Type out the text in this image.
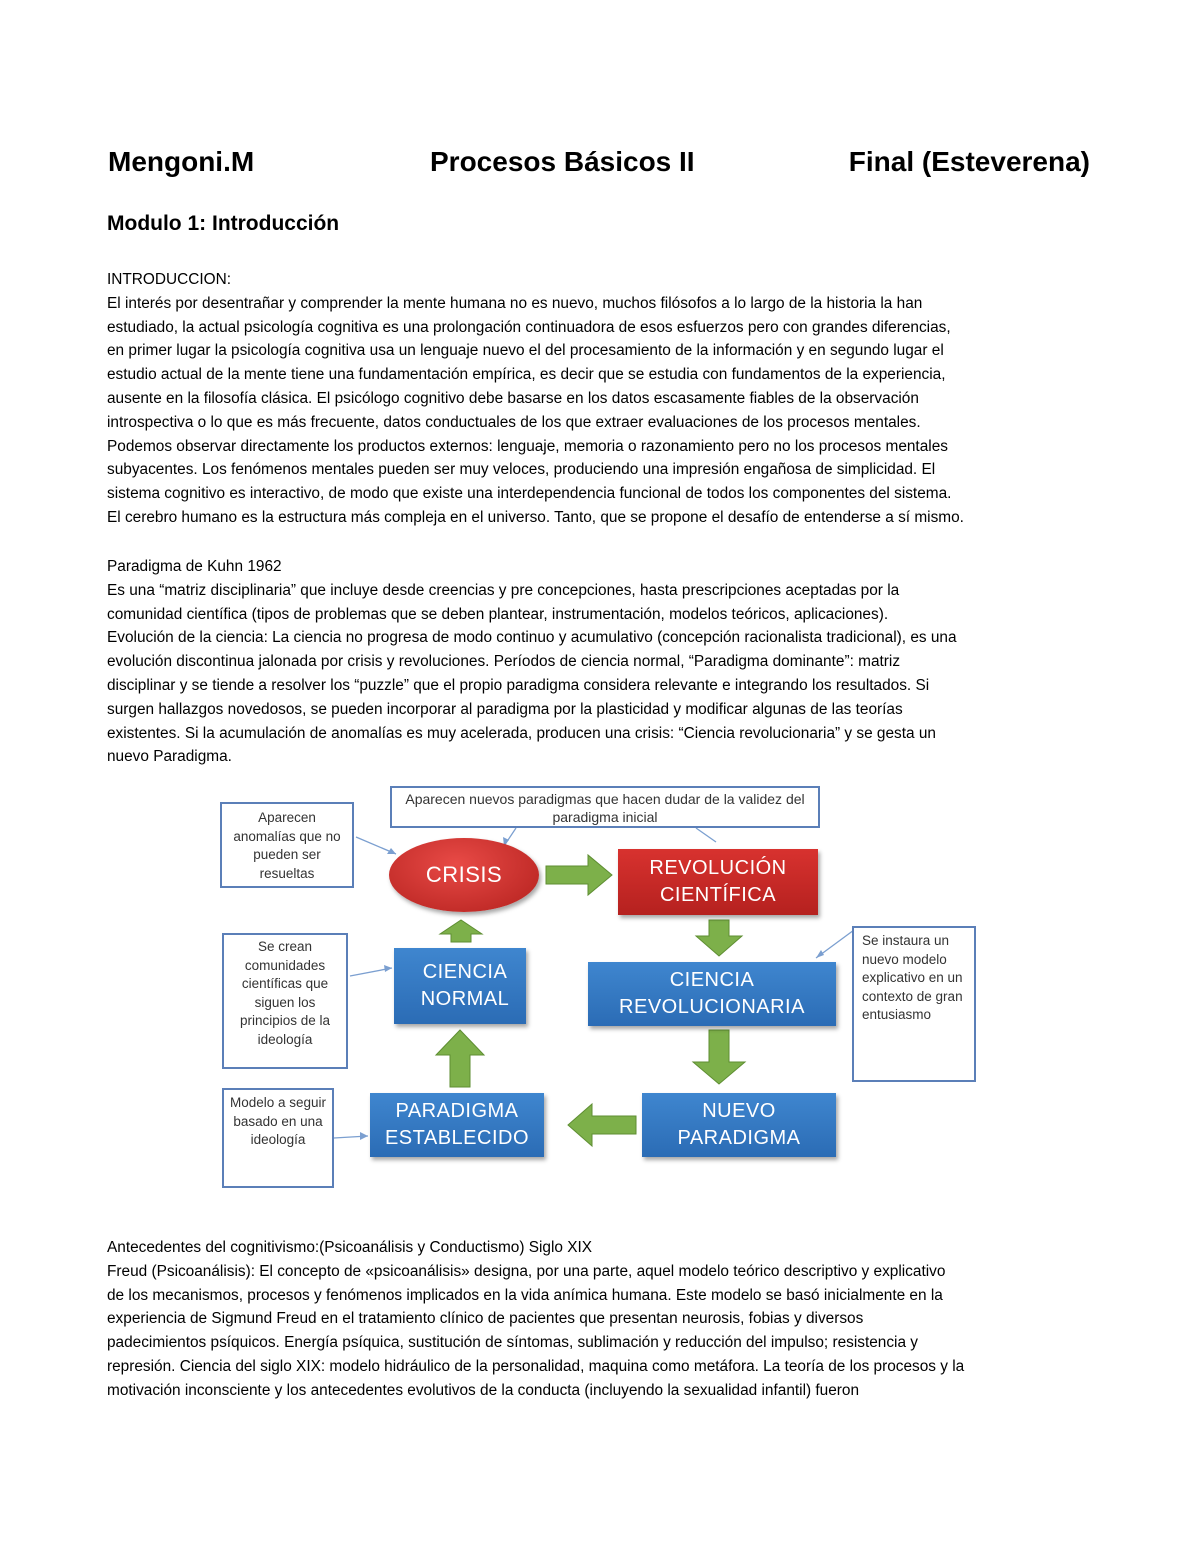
Mengoni.M	Procesos Básicos II	Final (Esteverena)
Modulo 1: Introducción

INTRODUCCION:

El interés por desentrañar y comprender la mente humana no es nuevo, muchos filósofos a lo largo de la historia la han

estudiado, la actual psicología cognitiva es una prolongación continuadora de esos esfuerzos pero con grandes diferencias,

en primer lugar la psicología cognitiva usa un lenguaje nuevo el del procesamiento de la información y en segundo lugar el

estudio actual de la mente tiene una fundamentación empírica, es decir que se estudia con fundamentos de la experiencia,

ausente en la filosofía clásica. El psicólogo cognitivo debe basarse en los datos escasamente fiables de la observación

introspectiva o lo que es más frecuente, datos conductuales de los que extraer evaluaciones de los procesos mentales.

Podemos observar directamente los productos externos: lenguaje, memoria o razonamiento pero no los procesos mentales

subyacentes. Los fenómenos mentales pueden ser muy veloces, produciendo una impresión engañosa de simplicidad. El

sistema cognitivo es interactivo, de modo que existe una interdependencia funcional de todos los componentes del sistema.

El cerebro humano es la estructura más compleja en el universo. Tanto, que se propone el desafío de entenderse a sí mismo.

Paradigma de Kuhn 1962

Es una “matriz disciplinaria” que incluye desde creencias y pre concepciones, hasta prescripciones aceptadas por la

comunidad científica (tipos de problemas que se deben plantear, instrumentación, modelos teóricos, aplicaciones).

Evolución de la ciencia: La ciencia no progresa de modo continuo y acumulativo (concepción racionalista tradicional), es una

evolución discontinua jalonada por crisis y revoluciones. Períodos de ciencia normal, “Paradigma dominante”: matriz

disciplinar y se tiende a resolver los “puzzle” que el propio paradigma considera relevante e integrando los resultados. Si

surgen hallazgos novedosos, se pueden incorporar al paradigma por la plasticidad y modificar algunas de las teorías

existentes. Si la acumulación de anomalías es muy acelerada, producen una crisis: “Ciencia revolucionaria” y se gesta un

nuevo Paradigma.

Aparecen nuevos paradigmas que hacen dudar de la validez del paradigma inicial
Aparecen anomalías que no pueden ser resueltas
Se crean comunidades científicas que siguen los principios de la ideología
Se instaura un nuevo modelo explicativo en un contexto de gran entusiasmo
Modelo a seguir basado en una ideología
CRISIS	REVOLUCIÓN CIENTÍFICA
CIENCIA NORMAL
CIENCIA REVOLUCIONARIA
PARADIGMA ESTABLECIDO
NUEVO PARADIGMA

Antecedentes del cognitivismo:(Psicoanálisis y Conductismo) Siglo XIX

Freud (Psicoanálisis): El concepto de «psicoanálisis» designa, por una parte, aquel modelo teórico descriptivo y explicativo

de los mecanismos, procesos y fenómenos implicados en la vida anímica humana. Este modelo se basó inicialmente en la

experiencia de Sigmund Freud en el tratamiento clínico de pacientes que presentan neurosis, fobias y diversos

padecimientos psíquicos. Energía psíquica, sustitución de síntomas, sublimación y reducción del impulso; resistencia y

represión. Ciencia del siglo XIX: modelo hidráulico de la personalidad, maquina como metáfora. La teoría de los procesos y la

motivación inconsciente y los antecedentes evolutivos de la conducta (incluyendo la sexualidad infantil) fueron
